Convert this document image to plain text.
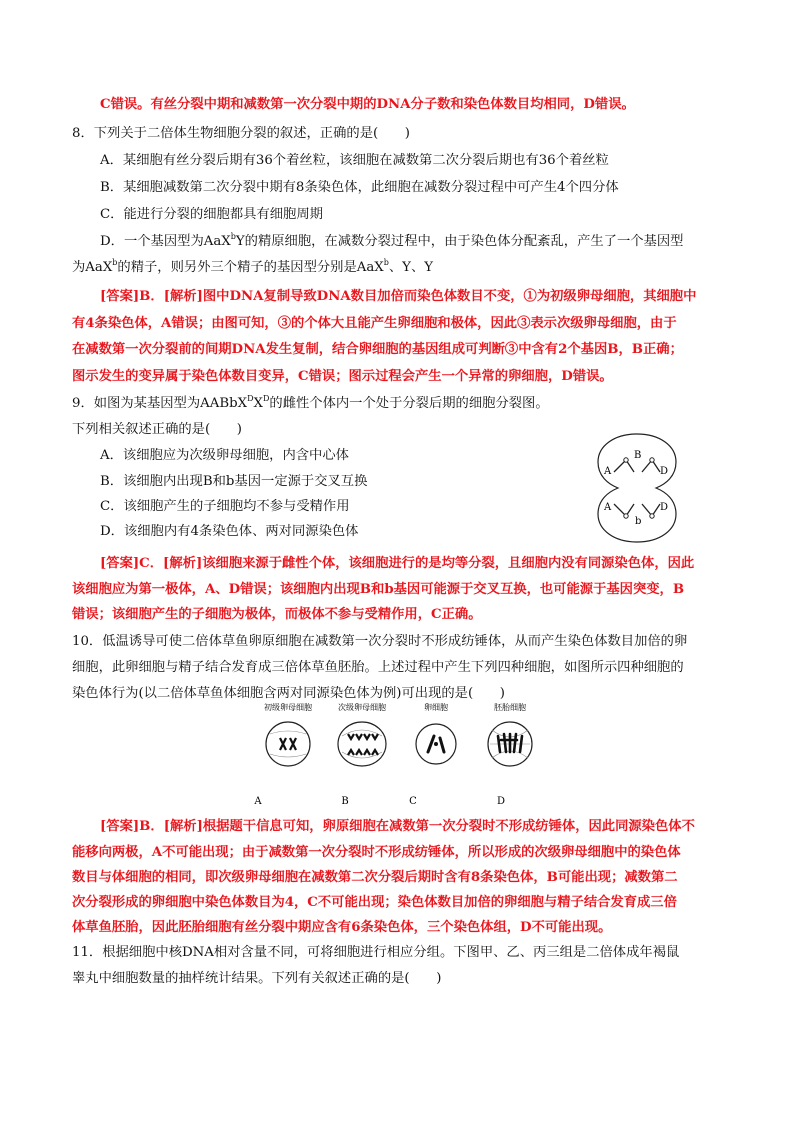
C错误。有丝分裂中期和减数第一次分裂中期的DNA分子数和染色体数目均相同，D错误。
8．下列关于二倍体生物细胞分裂的叙述，正确的是(　　)
A．某细胞有丝分裂后期有36个着丝粒，该细胞在减数第二次分裂后期也有36个着丝粒
B．某细胞减数第二次分裂中期有8条染色体，此细胞在减数分裂过程中可产生4个四分体
C．能进行分裂的细胞都具有细胞周期
D．一个基因型为AaX$^b$Y的精原细胞，在减数分裂过程中，由于染色体分配紊乱，产生了一个基因型
为AaX$^b$的精子，则另外三个精子的基因型分别是AaX$^b$、Y、Y
[答案]B．[解析]图中DNA复制导致DNA数目加倍而染色体数目不变，①为初级卵母细胞，其细胞中
有4条染色体，A错误；由图可知，③的个体大且能产生卵细胞和极体，因此③表示次级卵母细胞，由于
在减数第一次分裂前的间期DNA发生复制，结合卵细胞的基因组成可判断③中含有2个基因B，B正确；
图示发生的变异属于染色体数目变异，C错误；图示过程会产生一个异常的卵细胞，D错误。
9．如图为某基因型为$AABbX^DX^D$的雌性个体内一个处于分裂后期的细胞分裂图。
下列相关叙述正确的是(　　)
A．该细胞应为次级卵母细胞，内含中心体
B．该细胞内出现B和b基因一定源于交叉互换
C．该细胞产生的子细胞均不参与受精作用
D．该细胞内有4条染色体、两对同源染色体
A
B
D
A
b
D
[答案]C．[解析]该细胞来源于雌性个体，该细胞进行的是均等分裂，且细胞内没有同源染色体，因此
该细胞应为第一极体，A、D错误；该细胞内出现B和b基因可能源于交叉互换，也可能源于基因突变，B
错误；该细胞产生的子细胞为极体，而极体不参与受精作用，C正确。
10．低温诱导可使二倍体草鱼卵原细胞在减数第一次分裂时不形成纺锤体，从而产生染色体数目加倍的卵
细胞，此卵细胞与精子结合发育成三倍体草鱼胚胎。上述过程中产生下列四种细胞，如图所示四种细胞的
染色体行为(以二倍体草鱼体细胞含两对同源染色体为例)可出现的是(　　)
初级卵母细胞	次级卵母细胞	卵细胞	胚胎细胞
A	B	C	D
[答案]B．[解析]根据题干信息可知，卵原细胞在减数第一次分裂时不形成纺锤体，因此同源染色体不
能移向两极，A不可能出现；由于减数第一次分裂时不形成纺锤体，所以形成的次级卵母细胞中的染色体
数目与体细胞的相同，即次级卵母细胞在减数第二次分裂后期时含有8条染色体，B可能出现；减数第二
次分裂形成的卵细胞中染色体数目为4，C不可能出现；染色体数目加倍的卵细胞与精子结合发育成三倍
体草鱼胚胎，因此胚胎细胞有丝分裂中期应含有6条染色体，三个染色体组，D不可能出现。
11．根据细胞中核DNA相对含量不同，可将细胞进行相应分组。下图甲、乙、丙三组是二倍体成年褐鼠
睾丸中细胞数量的抽样统计结果。下列有关叙述正确的是(　　)
